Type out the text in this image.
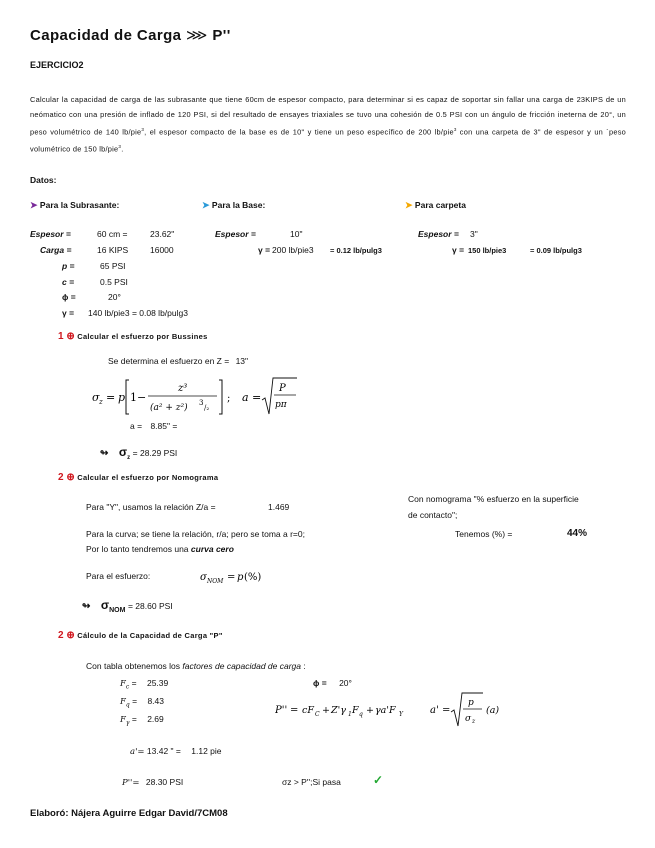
Capacidad de Carga ⋙ P''
EJERCICIO2
Calcular la capacidad de carga de las subrasante que tiene 60cm de espesor compacto, para determinar si es capaz de soportar sin fallar una carga de 23KIPS de un neómatico con una presión de inflado de 120 PSI, si del resultado de ensayes triaxiales se tuvo una cohesión de 0.5 PSI con un ángulo de fricción ineterna de 20°, un peso volumétrico de 140 lb/pie$^3$, el espesor compacto de la base es de 10" y tiene un peso específico de 200 lb/pie$^3$ con una carpeta de 3" de espesor y un ´peso volumétrico de 150 lb/pie$^3$.
Datos:
➤ Para la Subrasante:	➤ Para la Base:	➤ Para carpeta
Espesor =	60 cm =	23.62"
Carga =	16 KIPS	16000
p =	65 PSI
c =	0.5 PSI
ϕ =	20°
γ = 140 lb/pie3 = 0.08 lb/pulg3
Espesor =	10"
γ = 200 lb/pie3 = 0.12 lb/pulg3
Espesor = 3"
γ = 150 lb/pie3	= 0.09 lb/pulg3
1 ⊕ Calcular el esfuerzo por Bussines
Se determina el esfuerzo en Z = 13"
σ z = p 1 −
z³
(a² + z²) 3
/₂
; a =
P
pπ
a = 8.85" =
↬ $\sigma_z = 28.29$ PSI
2 ⊕ Calcular el esfuerzo por Nomograma
Para "Y", usamos la relación Z/a =	1.469
Para la curva; se tiene la relación, r/a; pero se toma a r=0;
Por lo tanto tendremos una curva cero
Para el esfuerzo:	σ NOM = p (%)
Con nomograma "% esfuerzo en la superficie
de contacto";
Tenemos (%) =	44%
↬ $\sigma_{NOM} = 28.60$ PSI
2 ⊕ Cálculo de la Capacidad de Carga "P"
Con tabla obtenemos los factores de capacidad de carga :
$F_c = 25.39$
$F_q = 8.43$
$F_\gamma = 2.69$
ϕ = 20°
P'' = cF C + Z'γ 1 F q + γa'F Y	a' =
p
σ z
(a)
a'= 13.42 " = 1.12 pie
P''= 28.30 PSI	σz > P'';Si pasa	✓
Elaboró: Nájera Aguirre Edgar David/7CM08
